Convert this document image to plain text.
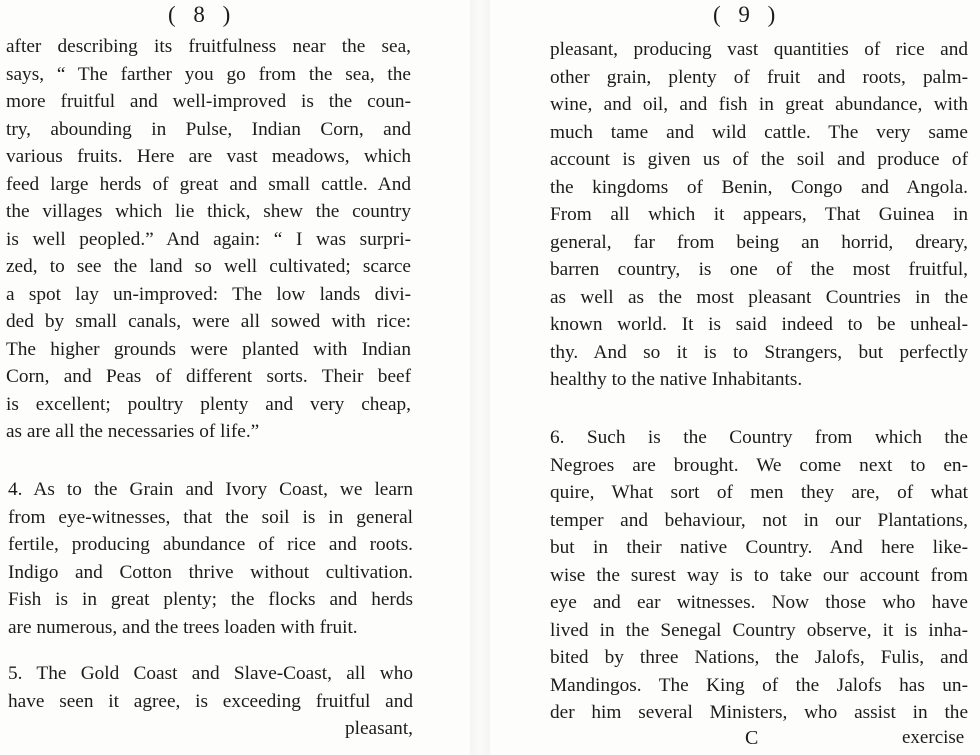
( 8 )
after describing its fruitfulness near the sea,
says, “ The farther you go from the sea, the
more fruitful and well-improved is the coun-
try, abounding in Pulse, Indian Corn, and
various fruits. Here are vast meadows, which
feed large herds of great and small cattle. And
the villages which lie thick, shew the country
is well peopled.” And again: “ I was surpri-
zed, to see the land so well cultivated; scarce
a spot lay un-improved: The low lands divi-
ded by small canals, were all sowed with rice:
The higher grounds were planted with Indian
Corn, and Peas of different sorts. Their beef
is excellent; poultry plenty and very cheap,
as are all the necessaries of life.”
4. As to the Grain and Ivory Coast, we learn
from eye-witnesses, that the soil is in general
fertile, producing abundance of rice and roots.
Indigo and Cotton thrive without cultivation.
Fish is in great plenty; the flocks and herds
are numerous, and the trees loaden with fruit.
5. The Gold Coast and Slave-Coast, all who
have seen it agree, is exceeding fruitful and
pleasant,
( 9 )
pleasant, producing vast quantities of rice and
other grain, plenty of fruit and roots, palm-
wine, and oil, and fish in great abundance, with
much tame and wild cattle. The very same
account is given us of the soil and produce of
the kingdoms of Benin, Congo and Angola.
From all which it appears, That Guinea in
general, far from being an horrid, dreary,
barren country, is one of the most fruitful,
as well as the most pleasant Countries in the
known world. It is said indeed to be unheal-
thy. And so it is to Strangers, but perfectly
healthy to the native Inhabitants.
6. Such is the Country from which the
Negroes are brought. We come next to en-
quire, What sort of men they are, of what
temper and behaviour, not in our Plantations,
but in their native Country. And here like-
wise the surest way is to take our account from
eye and ear witnesses. Now those who have
lived in the Senegal Country observe, it is inha-
bited by three Nations, the Jalofs, Fulis, and
Mandingos. The King of the Jalofs has un-
der him several Ministers, who assist in the
C	exercise
